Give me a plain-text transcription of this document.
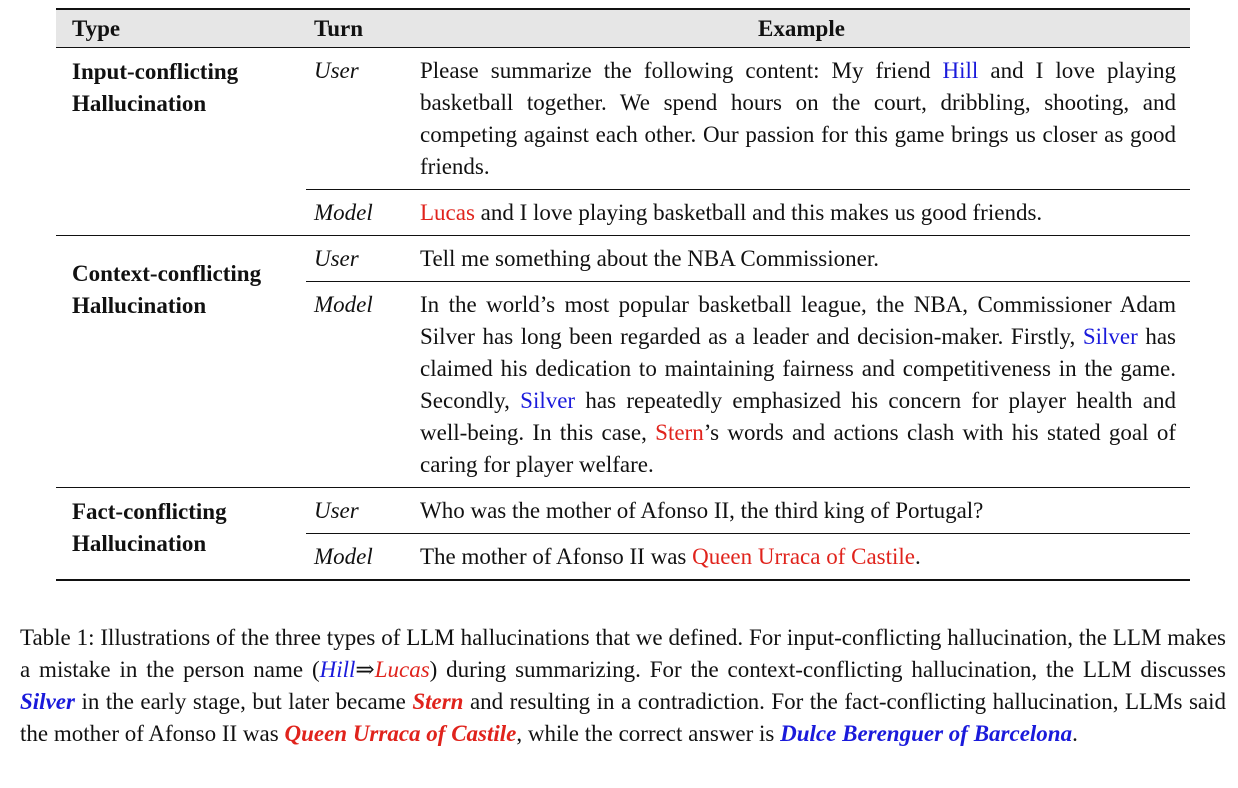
Type	Turn	Example
Input-conflicting
Hallucination	User	Please summarize the following content: My friend Hill and I love playing basketball together. We spend hours on the court, dribbling, shooting, and competing against each other. Our passion for this game brings us closer as good friends.
	Model	Lucas and I love playing basketball and this makes us good friends.
Context-conflicting
Hallucination	User	Tell me something about the NBA Commissioner.
	Model	In the world’s most popular basketball league, the NBA, Commissioner Adam Silver has long been regarded as a leader and decision-maker. Firstly, Silver has claimed his dedication to maintaining fairness and competitiveness in the game. Secondly, Silver has repeatedly emphasized his concern for player health and well-being. In this case, Stern’s words and actions clash with his stated goal of caring for player welfare.
Fact-conflicting
Hallucination	User	Who was the mother of Afonso II, the third king of Portugal?
	Model	The mother of Afonso II was Queen Urraca of Castile.
Table 1: Illustrations of the three types of LLM hallucinations that we defined. For input-conflicting hallucination, the LLM makes a mistake in the person name (Hill⇒Lucas) during summarizing. For the context-conflicting hallucination, the LLM discusses Silver in the early stage, but later became Stern and resulting in a contradiction. For the fact-conflicting hallucination, LLMs said the mother of Afonso II was Queen Urraca of Castile, while the correct answer is Dulce Berenguer of Barcelona.
